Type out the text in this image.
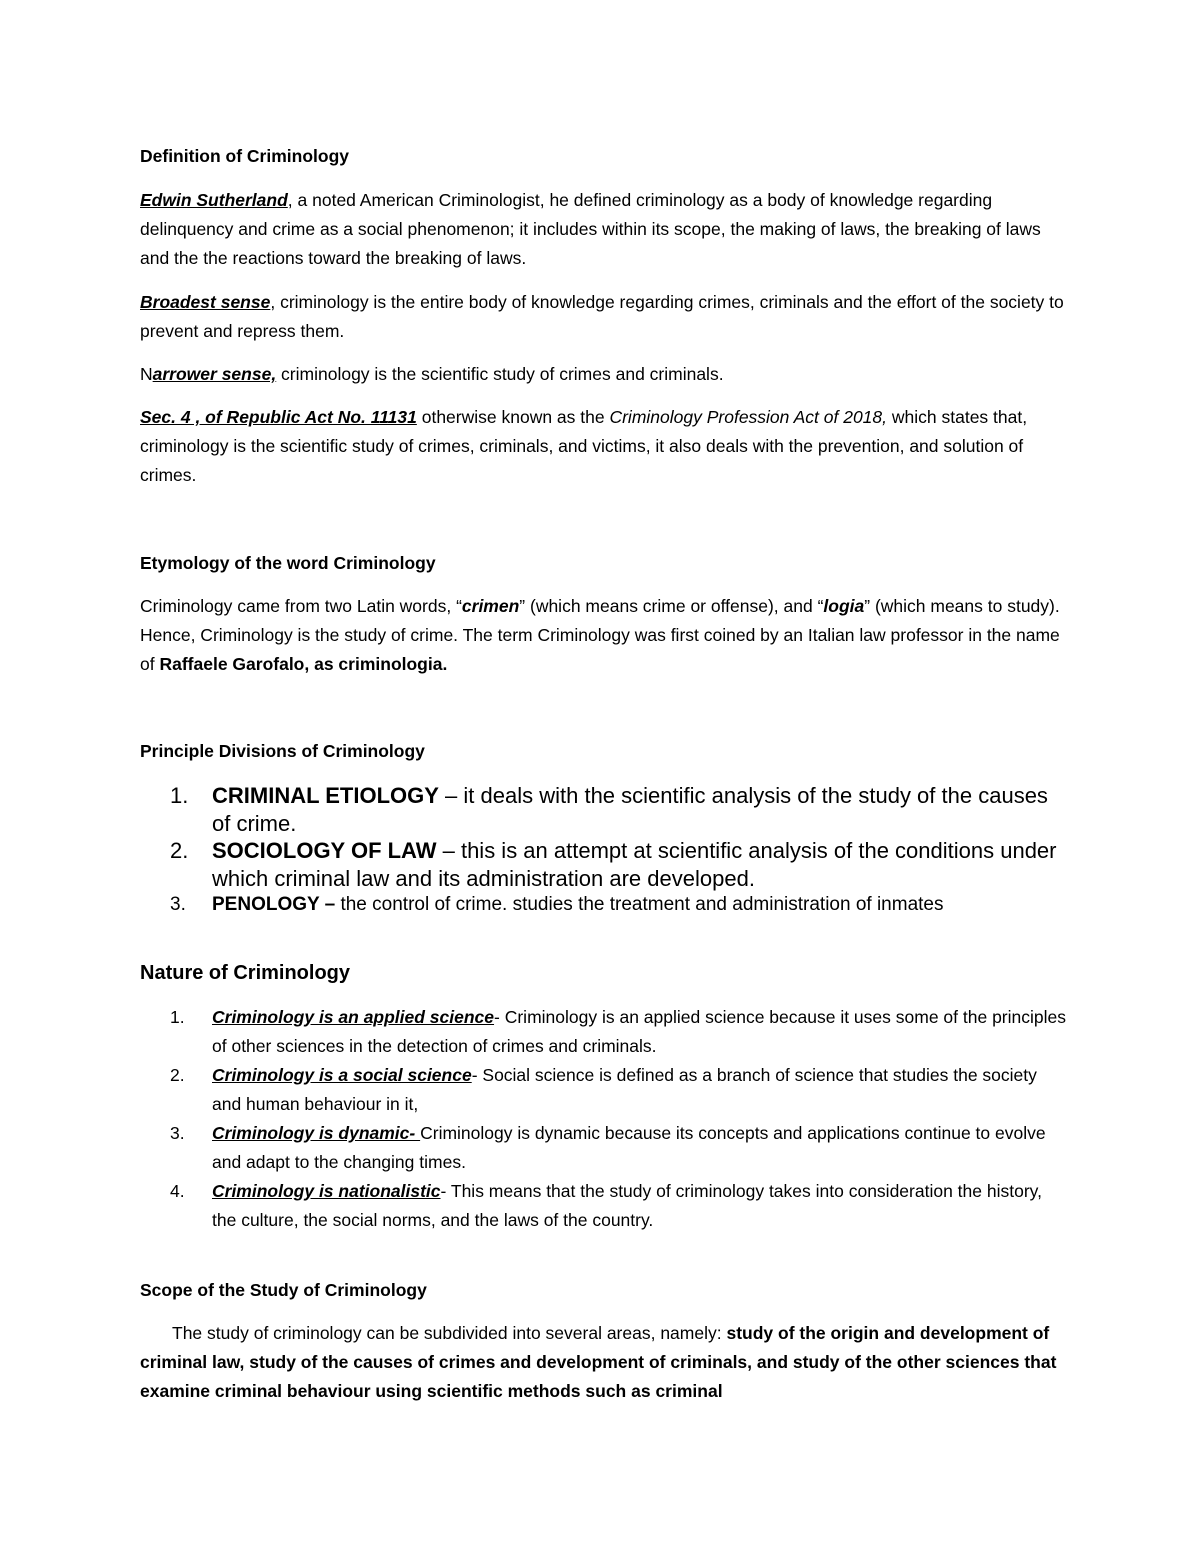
Definition of Criminology

Edwin Sutherland, a noted American Criminologist, he defined criminology as a body of knowledge regarding delinquency and crime as a social phenomenon; it includes within its scope, the making of laws, the breaking of laws and the the reactions toward the breaking of laws.

Broadest sense, criminology is the entire body of knowledge regarding crimes, criminals and the effort of the society to prevent and repress them.

Narrower sense, criminology is the scientific study of crimes and criminals.

Sec. 4 , of Republic Act No. 11131 otherwise known as the Criminology Profession Act of 2018, which states that, criminology is the scientific study of crimes, criminals, and victims, it also deals with the prevention, and solution of crimes.

Etymology of the word Criminology

Criminology came from two Latin words, “crimen” (which means crime or offense), and “logia” (which means to study). Hence, Criminology is the study of crime. The term Criminology was first coined by an Italian law professor in the name of Raffaele Garofalo, as criminologia.

Principle Divisions of Criminology
1. CRIMINAL ETIOLOGY – it deals with the scientific analysis of the study of the causes of crime.
2. SOCIOLOGY OF LAW – this is an attempt at scientific analysis of the conditions under which criminal law and its administration are developed.
3. PENOLOGY – the control of crime. studies the treatment and administration of inmates
Nature of Criminology
1. Criminology is an applied science- Criminology is an applied science because it uses some of the principles of other sciences in the detection of crimes and criminals.
2. Criminology is a social science- Social science is defined as a branch of science that studies the society and human behaviour in it,
3. Criminology is dynamic- Criminology is dynamic because its concepts and applications continue to evolve and adapt to the changing times.
4. Criminology is nationalistic- This means that the study of criminology takes into consideration the history, the culture, the social norms, and the laws of the country.
Scope of the Study of Criminology

The study of criminology can be subdivided into several areas, namely: study of the origin and development of criminal law, study of the causes of crimes and development of criminals, and study of the other sciences that examine criminal behaviour using scientific methods such as criminal
